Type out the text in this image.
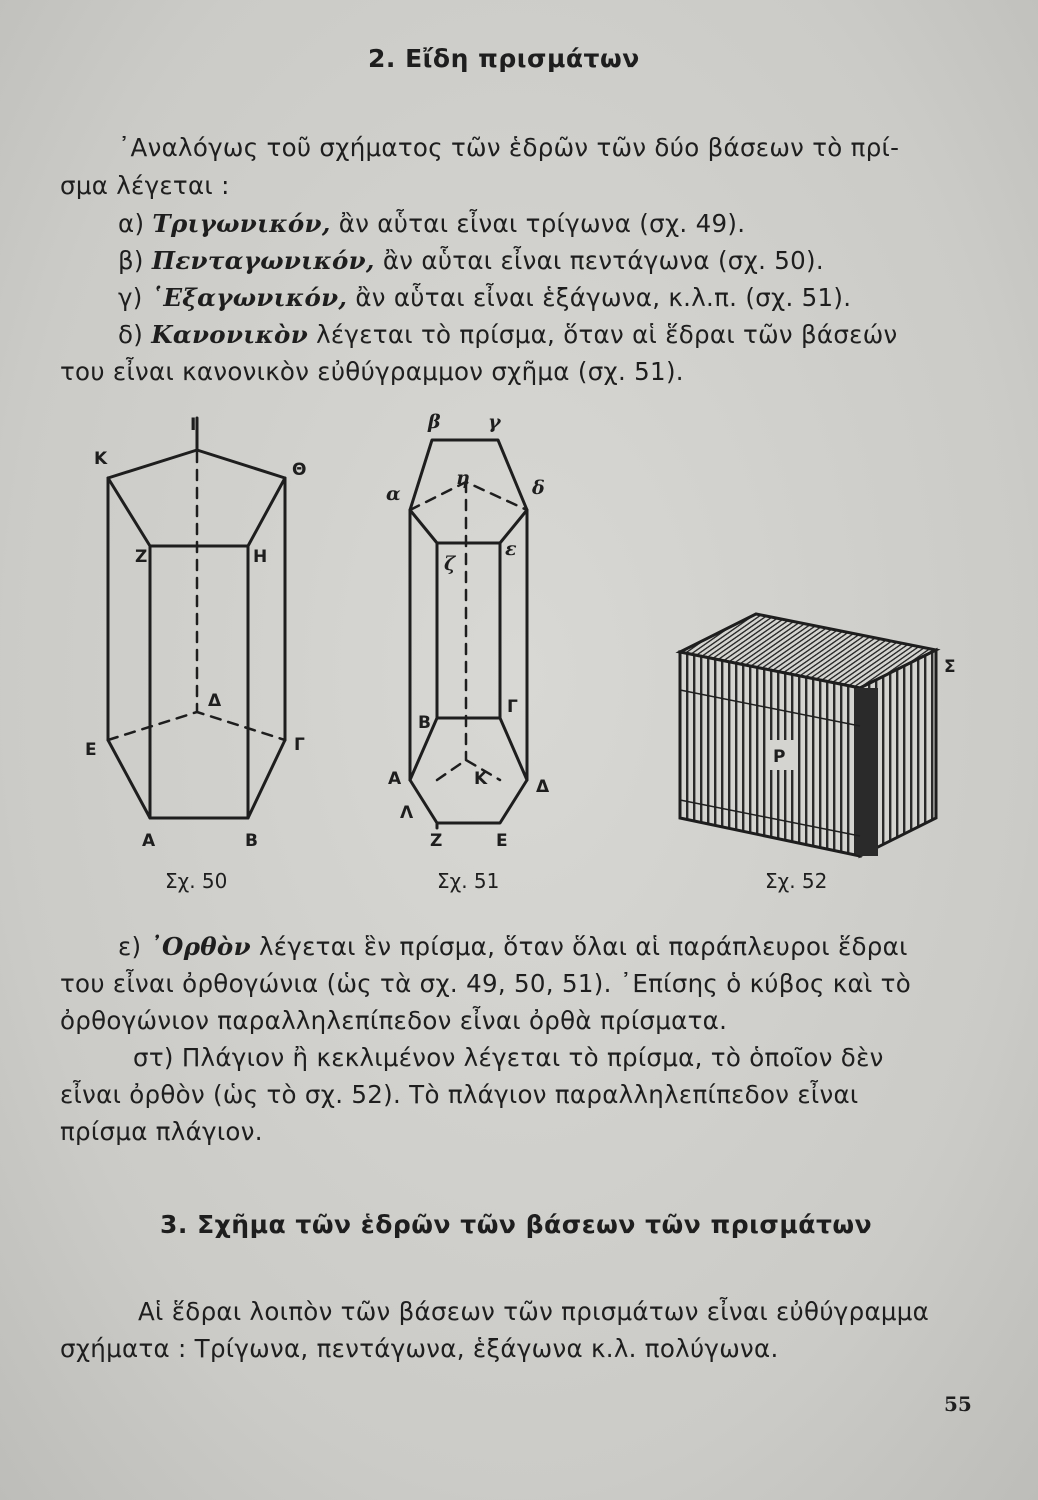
2. Εἴδη πρισμάτων
᾿Αναλόγως τοῦ σχήματος τῶν ἑδρῶν τῶν δύο βάσεων τὸ πρί-
σμα λέγεται :
α) Τριγωνικόν, ἂν αὗται εἶναι τρίγωνα (σχ. 49).
β) Πενταγωνικόν, ἂν αὗται εἶναι πεντάγωνα (σχ. 50).
γ) ῾Εξαγωνικόν, ἂν αὗται εἶναι ἑξάγωνα, κ.λ.π. (σχ. 51).
δ) Κανονικὸν λέγεται τὸ πρίσμα, ὅταν αἱ ἕδραι τῶν βάσεών
του εἶναι κανονικὸν εὐθύγραμμον σχῆμα (σχ. 51).
I
K
Θ
Z	H
Δ
E	Γ
A	B
β γ
α
η	δ
ζ
ε
B
Γ
A	K	Δ
Λ
Z	E
Σ
P
Σχ. 50	Σχ. 51	Σχ. 52
ε) ᾿Ορθὸν λέγεται ἓν πρίσμα, ὅταν ὅλαι αἱ παράπλευροι ἕδραι
του εἶναι ὀρθογώνια (ὡς τὰ σχ. 49, 50, 51). ᾿Επίσης ὁ κύβος καὶ τὸ
ὀρθογώνιον παραλληλεπίπεδον εἶναι ὀρθὰ πρίσματα.
στ) Πλάγιον ἢ κεκλιμένον λέγεται τὸ πρίσμα, τὸ ὁποῖον δὲν
εἶναι ὀρθὸν (ὡς τὸ σχ. 52). Τὸ πλάγιον παραλληλεπίπεδον εἶναι
πρίσμα πλάγιον.
3. Σχῆμα τῶν ἑδρῶν τῶν βάσεων τῶν πρισμάτων
Αἱ ἕδραι λοιπὸν τῶν βάσεων τῶν πρισμάτων εἶναι εὐθύγραμμα
σχήματα : Τρίγωνα, πεντάγωνα, ἑξάγωνα κ.λ. πολύγωνα.
55
